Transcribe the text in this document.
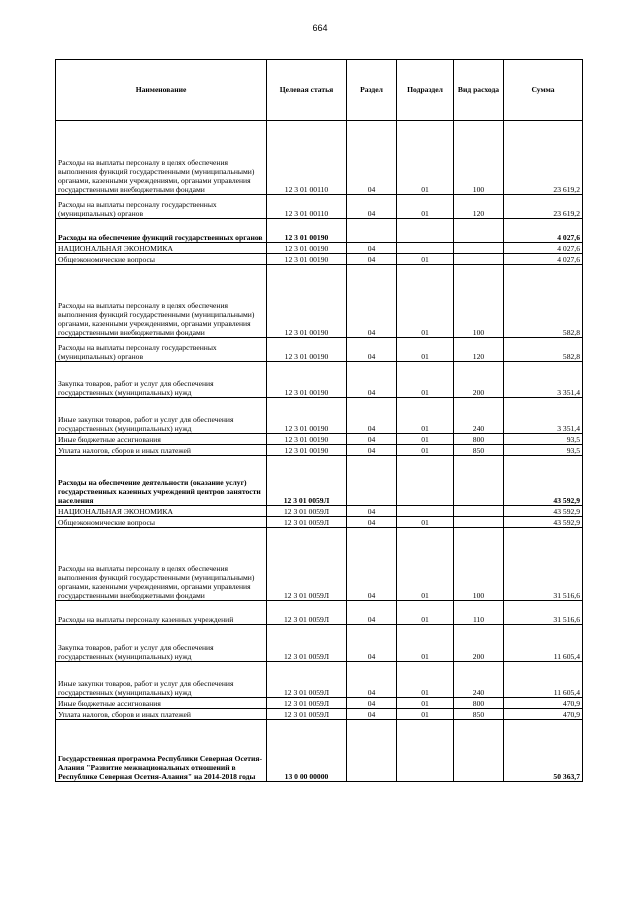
664
Наименование	Целевая статья	Раздел	Подраздел	Вид расхода	Сумма
Расходы на выплаты персоналу в целях обеспечения выполнения функций государственными (муниципальными) органами, казенными учреждениями, органами управления государственными внебюджетными фондами	12 3 01 00110	04	01	100	23 619,2
Расходы на выплаты персоналу государственных (муниципальных) органов	12 3 01 00110	04	01	120	23 619,2
Расходы на обеспечение функций государственных органов	12 3 01 00190				4 027,6
НАЦИОНАЛЬНАЯ ЭКОНОМИКА	12 3 01 00190	04			4 027,6
Общеэкономические вопросы	12 3 01 00190	04	01		4 027,6
Расходы на выплаты персоналу в целях обеспечения выполнения функций государственными (муниципальными) органами, казенными учреждениями, органами управления государственными внебюджетными фондами	12 3 01 00190	04	01	100	582,8
Расходы на выплаты персоналу государственных (муниципальных) органов	12 3 01 00190	04	01	120	582,8
Закупка товаров, работ и услуг для обеспечения государственных (муниципальных) нужд	12 3 01 00190	04	01	200	3 351,4
Иные закупки товаров, работ и услуг для обеспечения государственных (муниципальных) нужд	12 3 01 00190	04	01	240	3 351,4
Иные бюджетные ассигнования	12 3 01 00190	04	01	800	93,5
Уплата налогов, сборов и иных платежей	12 3 01 00190	04	01	850	93,5
Расходы на обеспечение деятельности (оказание услуг) государственных казенных учреждений центров занятости населения	12 3 01 0059Л				43 592,9
НАЦИОНАЛЬНАЯ ЭКОНОМИКА	12 3 01 0059Л	04			43 592,9
Общеэкономические вопросы	12 3 01 0059Л	04	01		43 592,9
Расходы на выплаты персоналу в целях обеспечения выполнения функций государственными (муниципальными) органами, казенными учреждениями, органами управления государственными внебюджетными фондами	12 3 01 0059Л	04	01	100	31 516,6
Расходы на выплаты персоналу казенных учреждений	12 3 01 0059Л	04	01	110	31 516,6
Закупка товаров, работ и услуг для обеспечения государственных (муниципальных) нужд	12 3 01 0059Л	04	01	200	11 605,4
Иные закупки товаров, работ и услуг для обеспечения государственных (муниципальных) нужд	12 3 01 0059Л	04	01	240	11 605,4
Иные бюджетные ассигнования	12 3 01 0059Л	04	01	800	470,9
Уплата налогов, сборов и иных платежей	12 3 01 0059Л	04	01	850	470,9
Государственная программа Республики Северная Осетия-Алания "Развитие межнациональных отношений в Республике Северная Осетия-Алания" на 2014-2018 годы	13 0 00 00000				50 363,7
